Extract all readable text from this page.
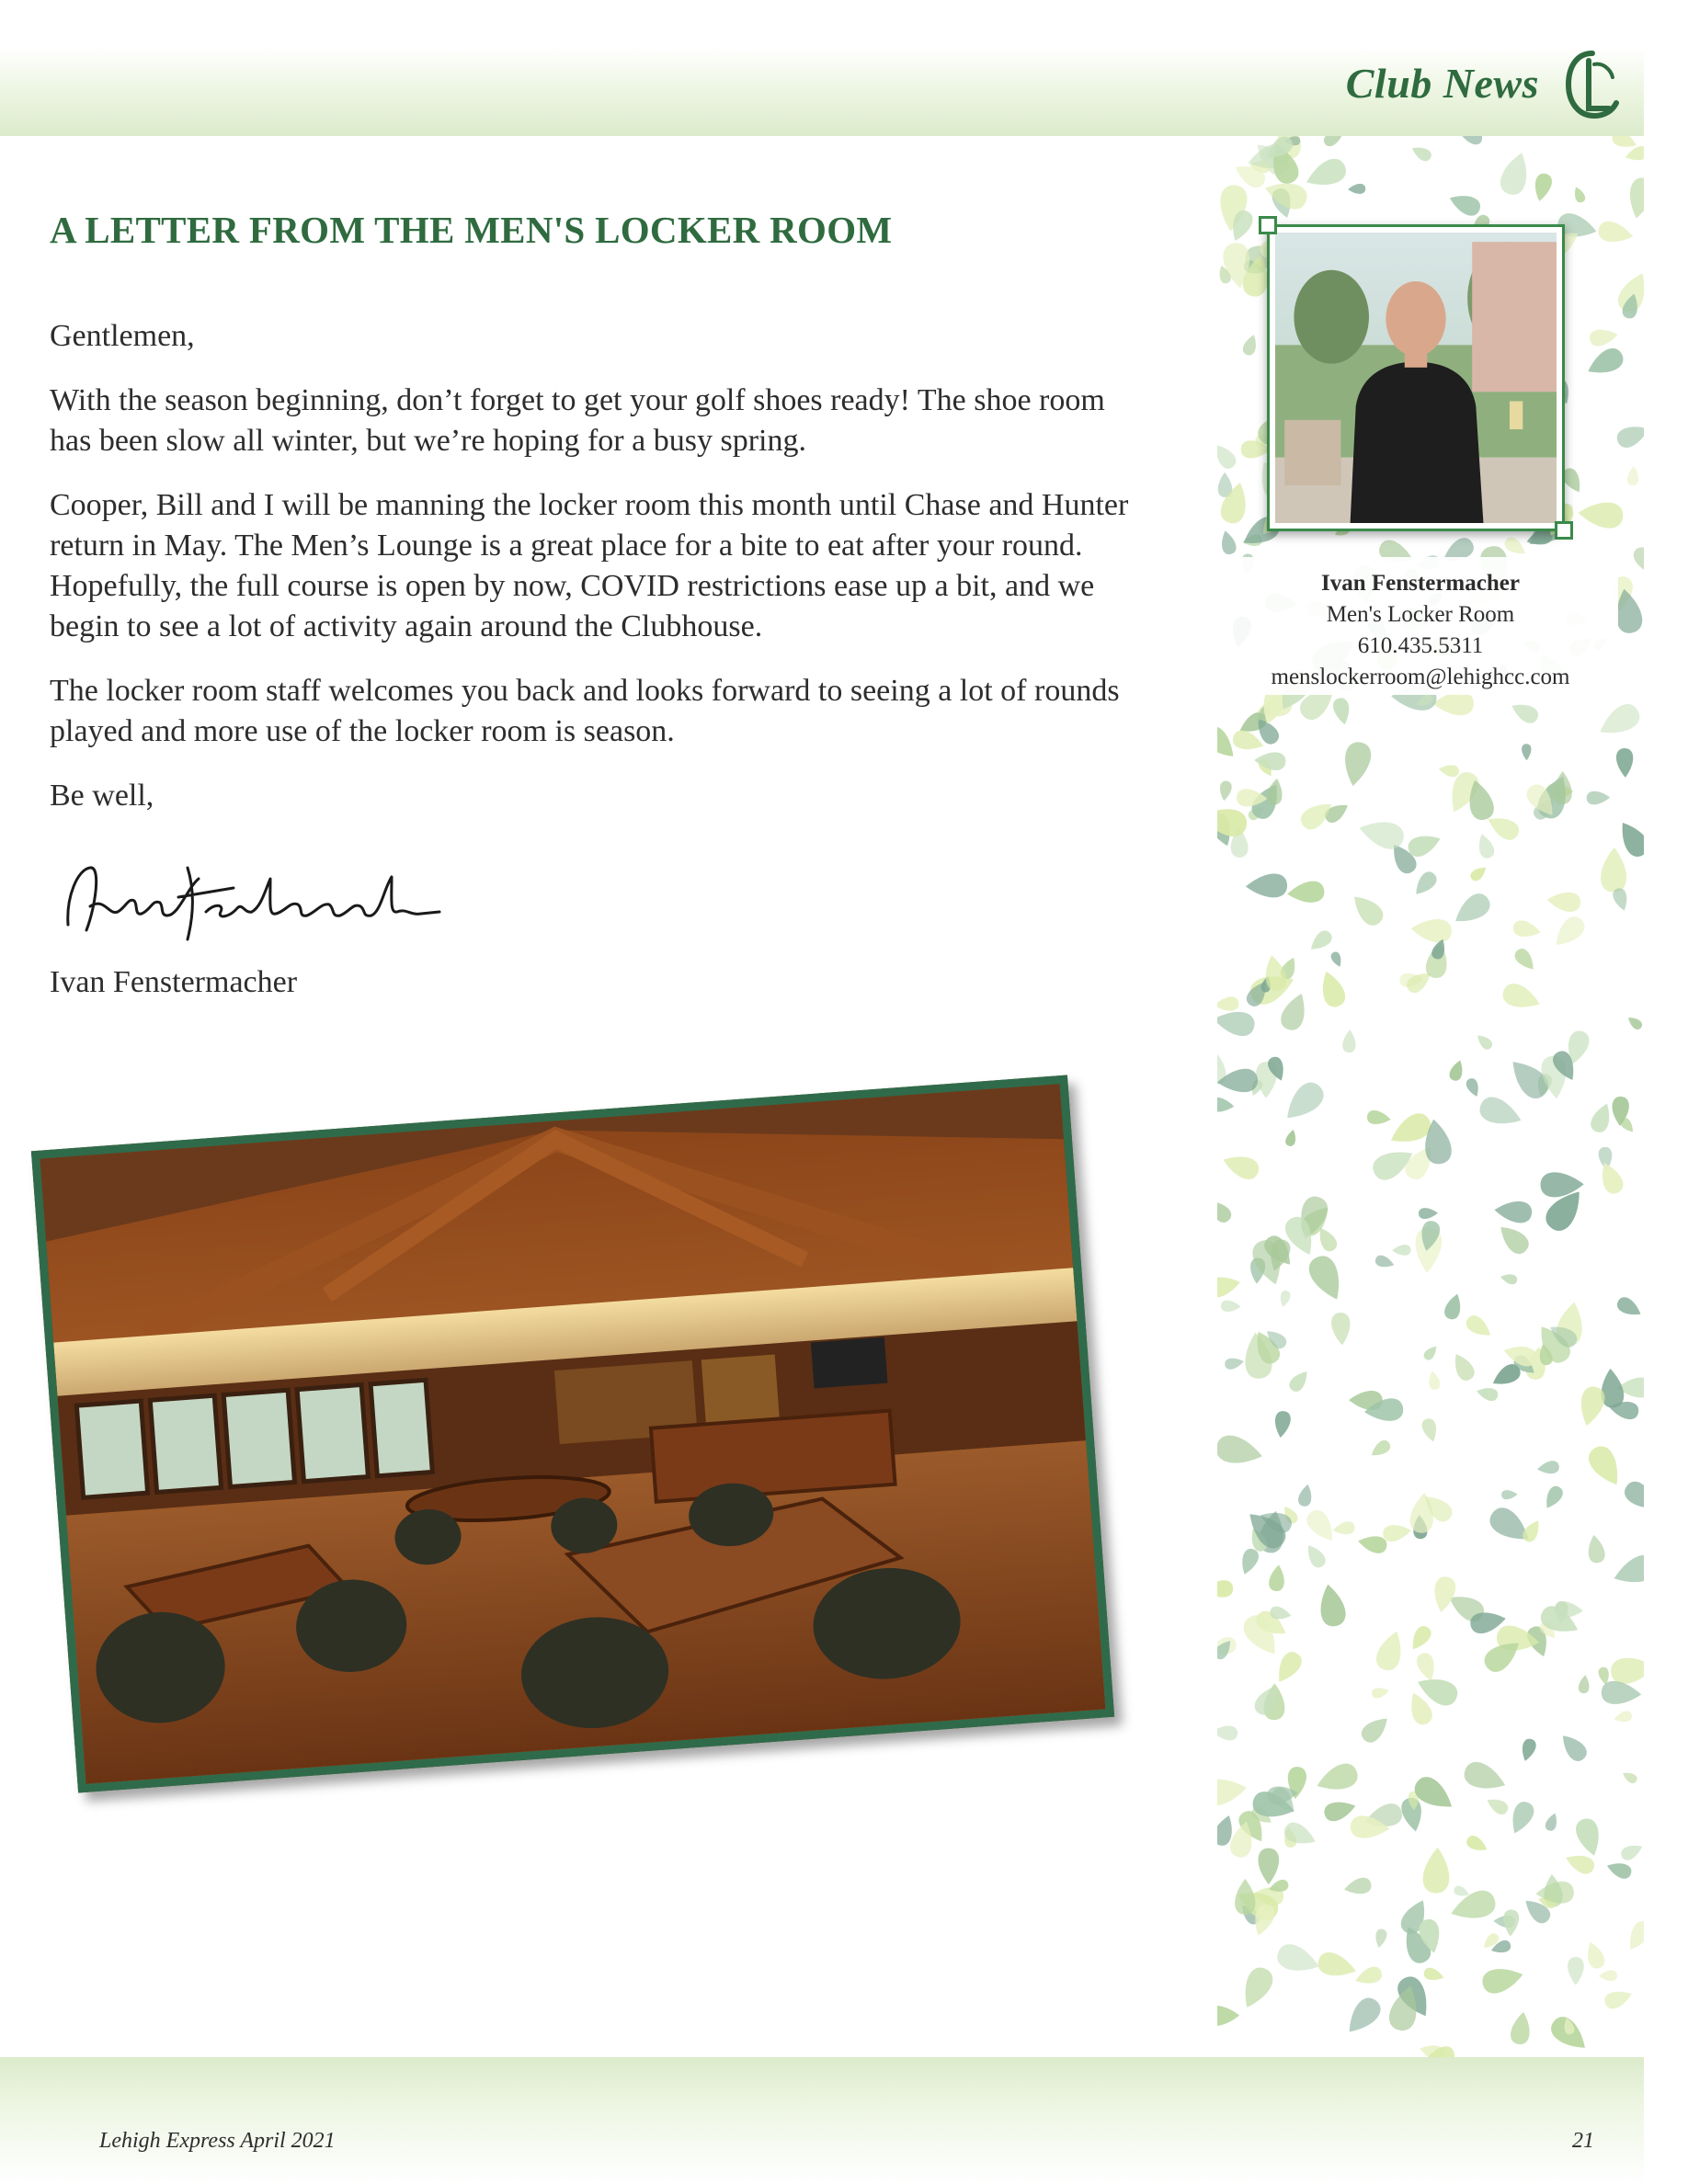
Club News
Ivan Fenstermacher
Men's Locker Room
610.435.5311
menslockerroom@lehighcc.com
A LETTER FROM THE MEN'S LOCKER ROOM

Gentlemen,

With the season beginning, don’t forget to get your golf shoes ready! The shoe room has been slow all winter, but we’re hoping for a busy spring.

Cooper, Bill and I will be manning the locker room this month until Chase and Hunter return in May. The Men’s Lounge is a great place for a bite to eat after your round. Hopefully, the full course is open by now, COVID restrictions ease up a bit, and we begin to see a lot of activity again around the Clubhouse.

The locker room staff welcomes you back and looks forward to seeing a lot of rounds played and more use of the locker room is season.

Be well,

Ivan Fenstermacher
Lehigh Express April 2021	21
